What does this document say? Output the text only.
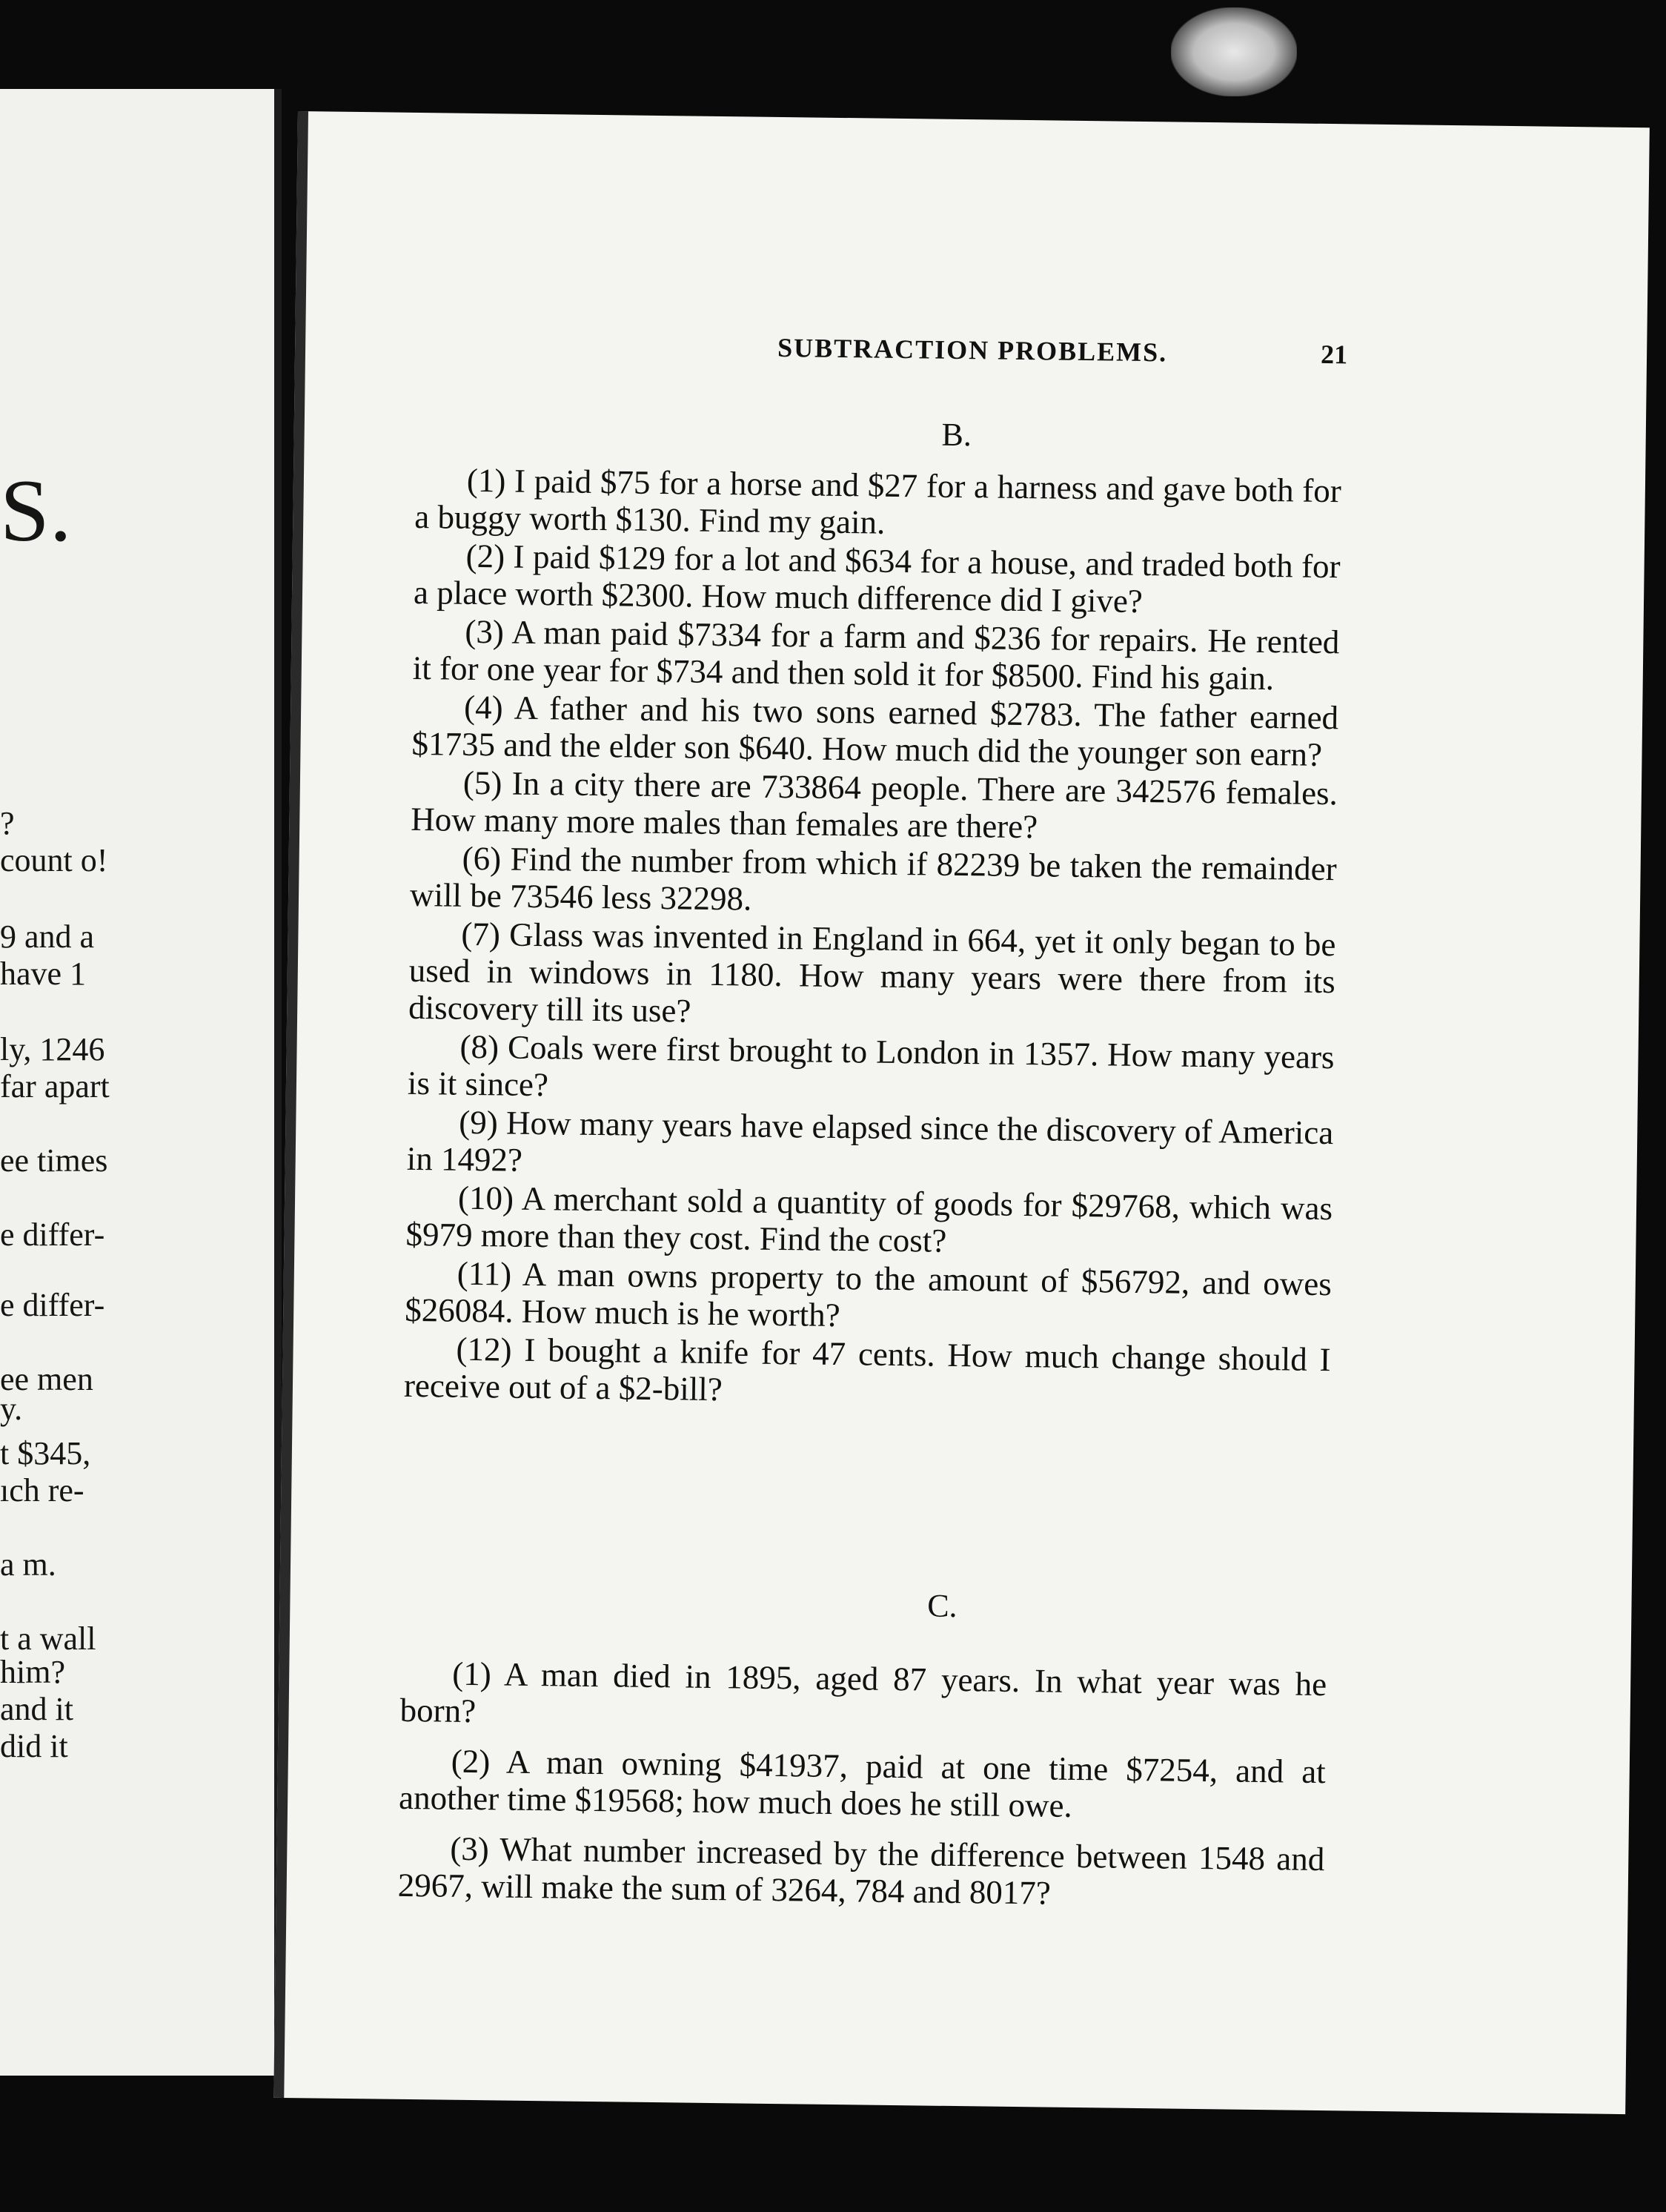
S.
?
count o!
9 and a
have 1
ly, 1246
far apart
ee times
e differ-
e differ-
ee men
y.
t $345,
ıch re-
a m.
t a wall
him?
and it
did it
SUBTRACTION PROBLEMS.	21
B.

(1) I paid $75 for a horse and $27 for a harness and gave both for a buggy worth $130. Find my gain.

(2) I paid $129 for a lot and $634 for a house, and traded both for a place worth $2300. How much difference did I give?

(3) A man paid $7334 for a farm and $236 for repairs. He rented it for one year for $734 and then sold it for $8500. Find his gain.

(4) A father and his two sons earned $2783. The father earned $1735 and the elder son $640. How much did the younger son earn?

(5) In a city there are 733864 people. There are 342576 females. How many more males than females are there?

(6) Find the number from which if 82239 be taken the remainder will be 73546 less 32298.

(7) Glass was invented in England in 664, yet it only began to be used in windows in 1180. How many years were there from its discovery till its use?

(8) Coals were first brought to London in 1357. How many years is it since?

(9) How many years have elapsed since the discovery of America in 1492?

(10) A merchant sold a quantity of goods for $29768, which was $979 more than they cost. Find the cost?

(11) A man owns property to the amount of $56792, and owes $26084. How much is he worth?

(12) I bought a knife for 47 cents. How much change should I receive out of a $2-bill?

C.

(1) A man died in 1895, aged 87 years. In what year was he born?

(2) A man owning $41937, paid at one time $7254, and at another time $19568; how much does he still owe.

(3) What number increased by the difference between 1548 and 2967, will make the sum of 3264, 784 and 8017?
